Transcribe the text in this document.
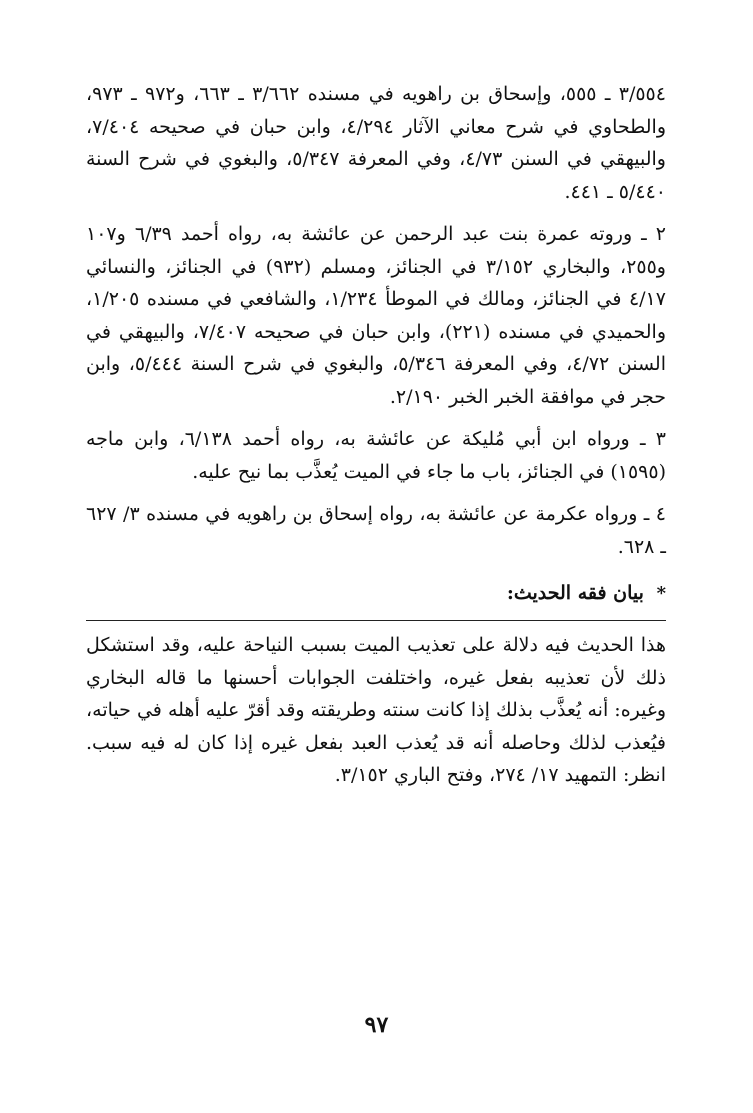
٣/٥٥٤ ـ ٥٥٥، وإسحاق بن راهويه في مسنده ٣/٦٦٢ ـ ٦٦٣، و٩٧٢ ـ ٩٧٣، والطحاوي في شرح معاني الآثار ٤/٢٩٤، وابن حبان في صحيحه ٧/٤٠٤، والبيهقي في السنن ٤/٧٣، وفي المعرفة ٥/٣٤٧، والبغوي في شرح السنة ٥/٤٤٠ ـ ٤٤١.

٢ ـ وروته عمرة بنت عبد الرحمن عن عائشة به، رواه أحمد ٦/٣٩ و١٠٧ و٢٥٥، والبخاري ٣/١٥٢ في الجنائز، ومسلم (٩٣٢) في الجنائز، والنسائي ٤/١٧ في الجنائز، ومالك في الموطأ ١/٢٣٤، والشافعي في مسنده ١/٢٠٥، والحميدي في مسنده (٢٢١)، وابن حبان في صحيحه ٧/٤٠٧، والبيهقي في السنن ٤/٧٢، وفي المعرفة ٥/٣٤٦، والبغوي في شرح السنة ٥/٤٤٤، وابن حجر في موافقة الخبر الخبر ٢/١٩٠.

٣ ـ ورواه ابن أبي مُليكة عن عائشة به، رواه أحمد ٦/١٣٨، وابن ماجه (١٥٩٥) في الجنائز، باب ما جاء في الميت يُعذَّب بما نيح عليه.

٤ ـ ورواه عكرمة عن عائشة به، رواه إسحاق بن راهويه في مسنده ٣/ ٦٢٧ ـ ٦٢٨.

* بيان فقه الحديث:

هذا الحديث فيه دلالة على تعذيب الميت بسبب النياحة عليه، وقد استشكل ذلك لأن تعذيبه بفعل غيره، واختلفت الجوابات أحسنها ما قاله البخاري وغيره: أنه يُعذَّب بذلك إذا كانت سنته وطريقته وقد أقرّ عليه أهله في حياته، فيُعذب لذلك وحاصله أنه قد يُعذب العبد بفعل غيره إذا كان له فيه سبب. انظر: التمهيد ١٧/ ٢٧٤، وفتح الباري ٣/١٥٢.

٩٧
